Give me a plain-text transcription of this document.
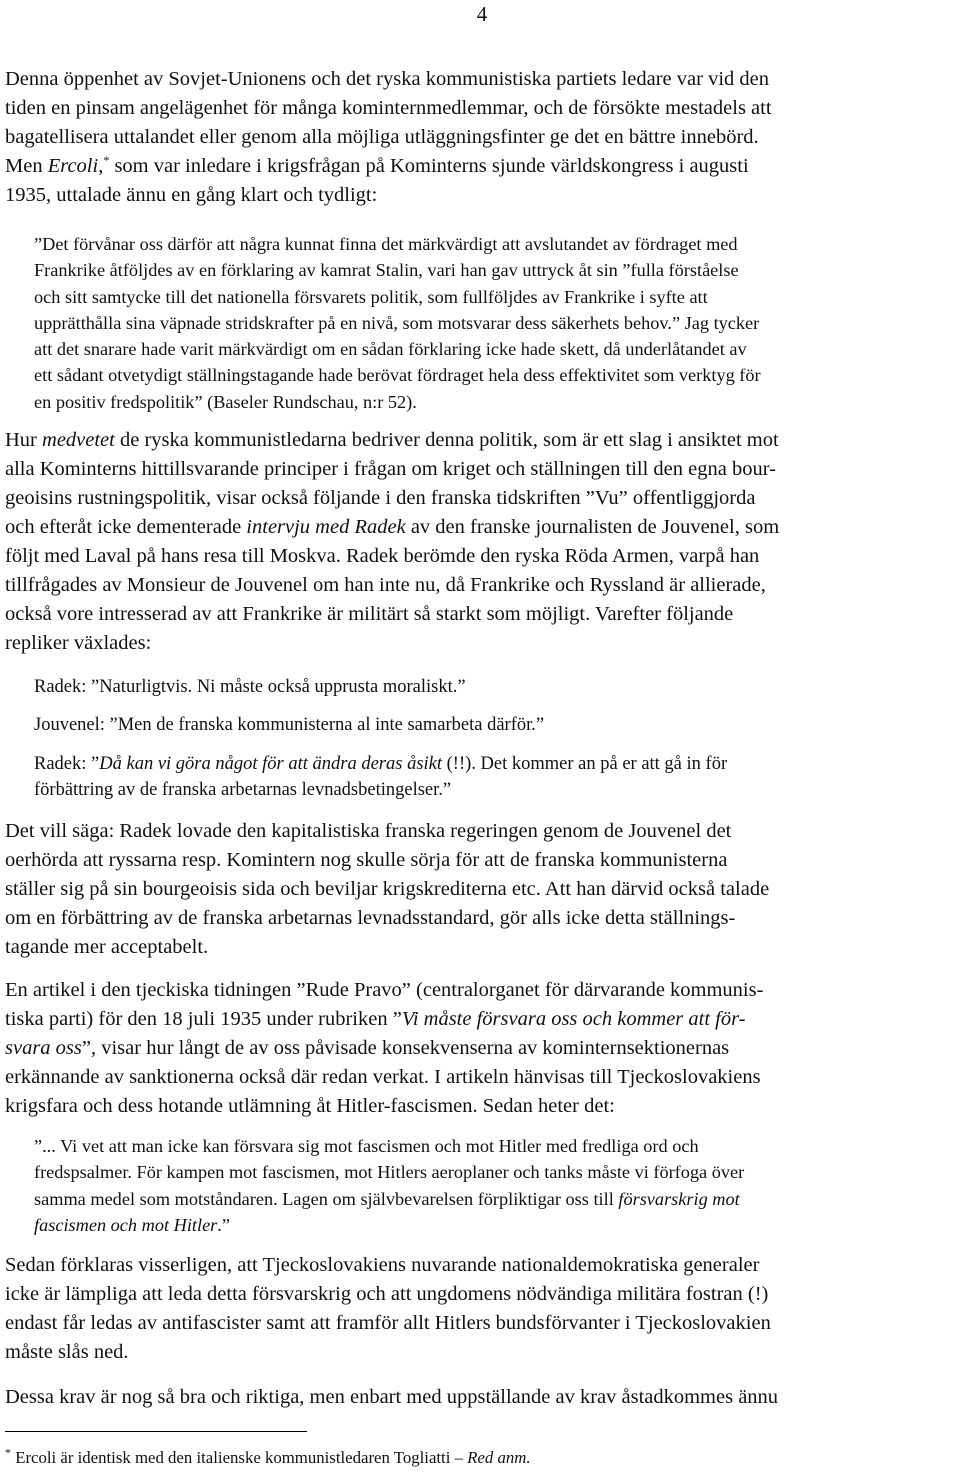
4

Denna öppenhet av Sovjet-Unionens och det ryska kommunistiska partiets ledare var vid den
tiden en pinsam angelägenhet för många kominternmedlemmar, och de försökte mestadels att
bagatellisera uttalandet eller genom alla möjliga utläggningsfinter ge det en bättre innebörd.
Men Ercoli,* som var inledare i krigsfrågan på Kominterns sjunde världskongress i augusti
1935, uttalade ännu en gång klart och tydligt:

”Det förvånar oss därför att några kunnat finna det märkvärdigt att avslutandet av fördraget med
Frankrike åtföljdes av en förklaring av kamrat Stalin, vari han gav uttryck åt sin ”fulla förståelse
och sitt samtycke till det nationella försvarets politik, som fullföljdes av Frankrike i syfte att
upprätthålla sina väpnade stridskrafter på en nivå, som motsvarar dess säkerhets behov.” Jag tycker
att det snarare hade varit märkvärdigt om en sådan förklaring icke hade skett, då underlåtandet av
ett sådant otvetydigt ställningstagande hade berövat fördraget hela dess effektivitet som verktyg för
en positiv fredspolitik” (Baseler Rundschau, n:r 52).

Hur medvetet de ryska kommunistledarna bedriver denna politik, som är ett slag i ansiktet mot
alla Kominterns hittillsvarande principer i frågan om kriget och ställningen till den egna bour-
geoisins rustningspolitik, visar också följande i den franska tidskriften ”Vu” offentliggjorda
och efteråt icke dementerade intervju med Radek av den franske journalisten de Jouvenel, som
följt med Laval på hans resa till Moskva. Radek berömde den ryska Röda Armen, varpå han
tillfrågades av Monsieur de Jouvenel om han inte nu, då Frankrike och Ryssland är allierade,
också vore intresserad av att Frankrike är militärt så starkt som möjligt. Varefter följande
repliker växlades:

Radek: ”Naturligtvis. Ni måste också upprusta moraliskt.”

Jouvenel: ”Men de franska kommunisterna al inte samarbeta därför.”

Radek: ”Då kan vi göra något för att ändra deras åsikt (!!). Det kommer an på er att gå in för
förbättring av de franska arbetarnas levnadsbetingelser.”

Det vill säga: Radek lovade den kapitalistiska franska regeringen genom de Jouvenel det
oerhörda att ryssarna resp. Komintern nog skulle sörja för att de franska kommunisterna
ställer sig på sin bourgeoisis sida och beviljar krigskrediterna etc. Att han därvid också talade
om en förbättring av de franska arbetarnas levnadsstandard, gör alls icke detta ställnings-
tagande mer acceptabelt.

En artikel i den tjeckiska tidningen ”Rude Pravo” (centralorganet för därvarande kommunis-
tiska parti) för den 18 juli 1935 under rubriken ”Vi måste försvara oss och kommer att för-
svara oss”, visar hur långt de av oss påvisade konsekvenserna av kominternsektionernas
erkännande av sanktionerna också där redan verkat. I artikeln hänvisas till Tjeckoslovakiens
krigsfara och dess hotande utlämning åt Hitler-fascismen. Sedan heter det:

”... Vi vet att man icke kan försvara sig mot fascismen och mot Hitler med fredliga ord och
fredspsalmer. För kampen mot fascismen, mot Hitlers aeroplaner och tanks måste vi förfoga över
samma medel som motståndaren. Lagen om självbevarelsen förpliktigar oss till försvarskrig mot
fascismen och mot Hitler.”

Sedan förklaras visserligen, att Tjeckoslovakiens nuvarande nationaldemokratiska generaler
icke är lämpliga att leda detta försvarskrig och att ungdomens nödvändiga militära fostran (!)
endast får ledas av antifascister samt att framför allt Hitlers bundsförvanter i Tjeckoslovakien
måste slås ned.

Dessa krav är nog så bra och riktiga, men enbart med uppställande av krav åstadkommes ännu

* Ercoli är identisk med den italienske kommunistledaren Togliatti – Red anm.
